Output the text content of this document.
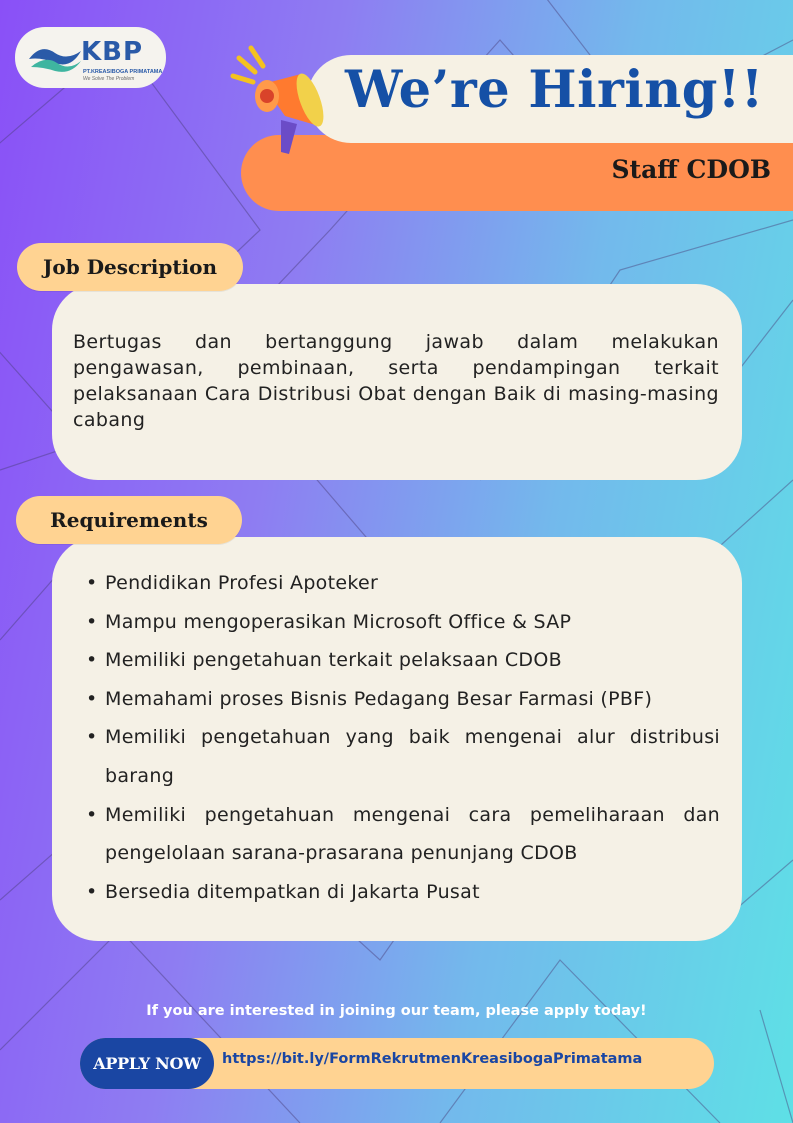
KBP
PT.KREASIBOGA PRIMATAMA
We Solve The Problem
Staff CDOB
We’re Hiring!!
Job Description
Bertugas dan bertanggung jawab dalam melakukan pengawasan, pembinaan, serta pendampingan terkait pelaksanaan Cara Distribusi Obat dengan Baik di masing-masing cabang
Requirements
• Pendidikan Profesi Apoteker
• Mampu mengoperasikan Microsoft Office & SAP
• Memiliki pengetahuan terkait pelaksaan CDOB
• Memahami proses Bisnis Pedagang Besar Farmasi (PBF)
• Memiliki pengetahuan yang baik mengenai alur distribusi barang
• Memiliki pengetahuan mengenai cara pemeliharaan dan pengelolaan sarana-prasarana penunjang CDOB
• Bersedia ditempatkan di Jakarta Pusat
If you are interested in joining our team, please apply today!
APPLY NOW	https://bit.ly/FormRekrutmenKreasibogaPrimatama
